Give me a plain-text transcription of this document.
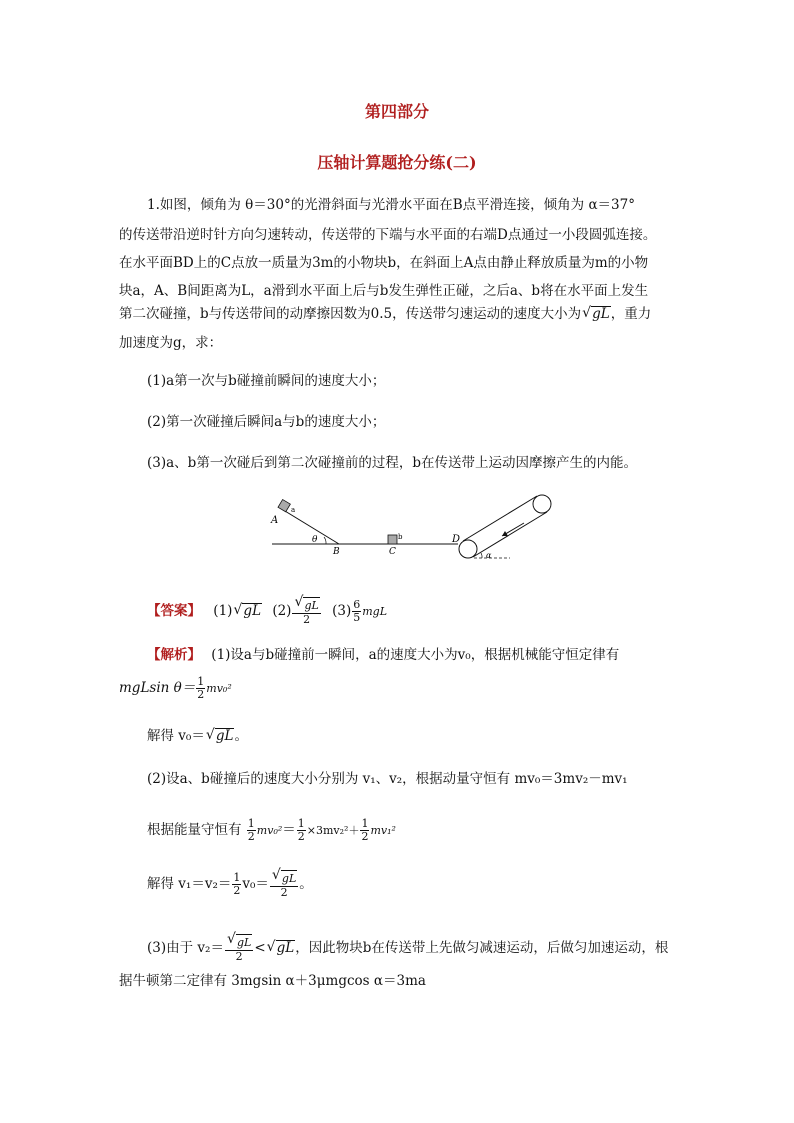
第四部分
压轴计算题抢分练(二)
1.如图，倾角为 θ＝30°的光滑斜面与光滑水平面在B点平滑连接，倾角为 α＝37°
的传送带沿逆时针方向匀速转动，传送带的下端与水平面的右端D点通过一小段圆弧连接。
在水平面BD上的C点放一质量为3m的小物块b，在斜面上A点由静止释放质量为m的小物
块a，A、B间距离为L，a滑到水平面上后与b发生弹性正碰，之后a、b将在水平面上发生
第二次碰撞，b与传送带间的动摩擦因数为0.5，传送带匀速运动的速度大小为 √ gL，重力
加速度为g，求：
(1)a第一次与b碰撞前瞬间的速度大小；
(2)第一次碰撞后瞬间a与b的速度大小；
(3)a、b第一次碰后到第二次碰撞前的过程，b在传送带上运动因摩擦产生的内能。
A
a
θ
B	C
b	D
α
【答案】 (1) √ gL (2) √ $\frac{gL}{2} (3) \frac{6}{5}$ mgL
【解析】 (1)设a与b碰撞前一瞬间，a的速度大小为v₀，根据机械能守恒定律有
mgLsin $\theta= \frac{1}{2} mv_0^2$
解得 v₀＝ √ gL。
(2)设a、b碰撞后的速度大小分别为 v₁、v₂，根据动量守恒有 mv₀＝3mv₂－mv₁
根据能量守恒有 $\frac{1}{2} mv_0^2= \frac{1}{2} \times 3mv_2^2+ \frac{1}{2} mv_1^2$
解得 $v_1=v_2= \frac{1}{2} v_0=$ √ $\frac{gL}{2}$ 。
(3)由于 v₂＝ √ $\frac{gL}{2}$ < √ gL，因此物块b在传送带上先做匀减速运动，后做匀加速运动，根
据牛顿第二定律有 3mgsin α＋3μmgcos α＝3ma
